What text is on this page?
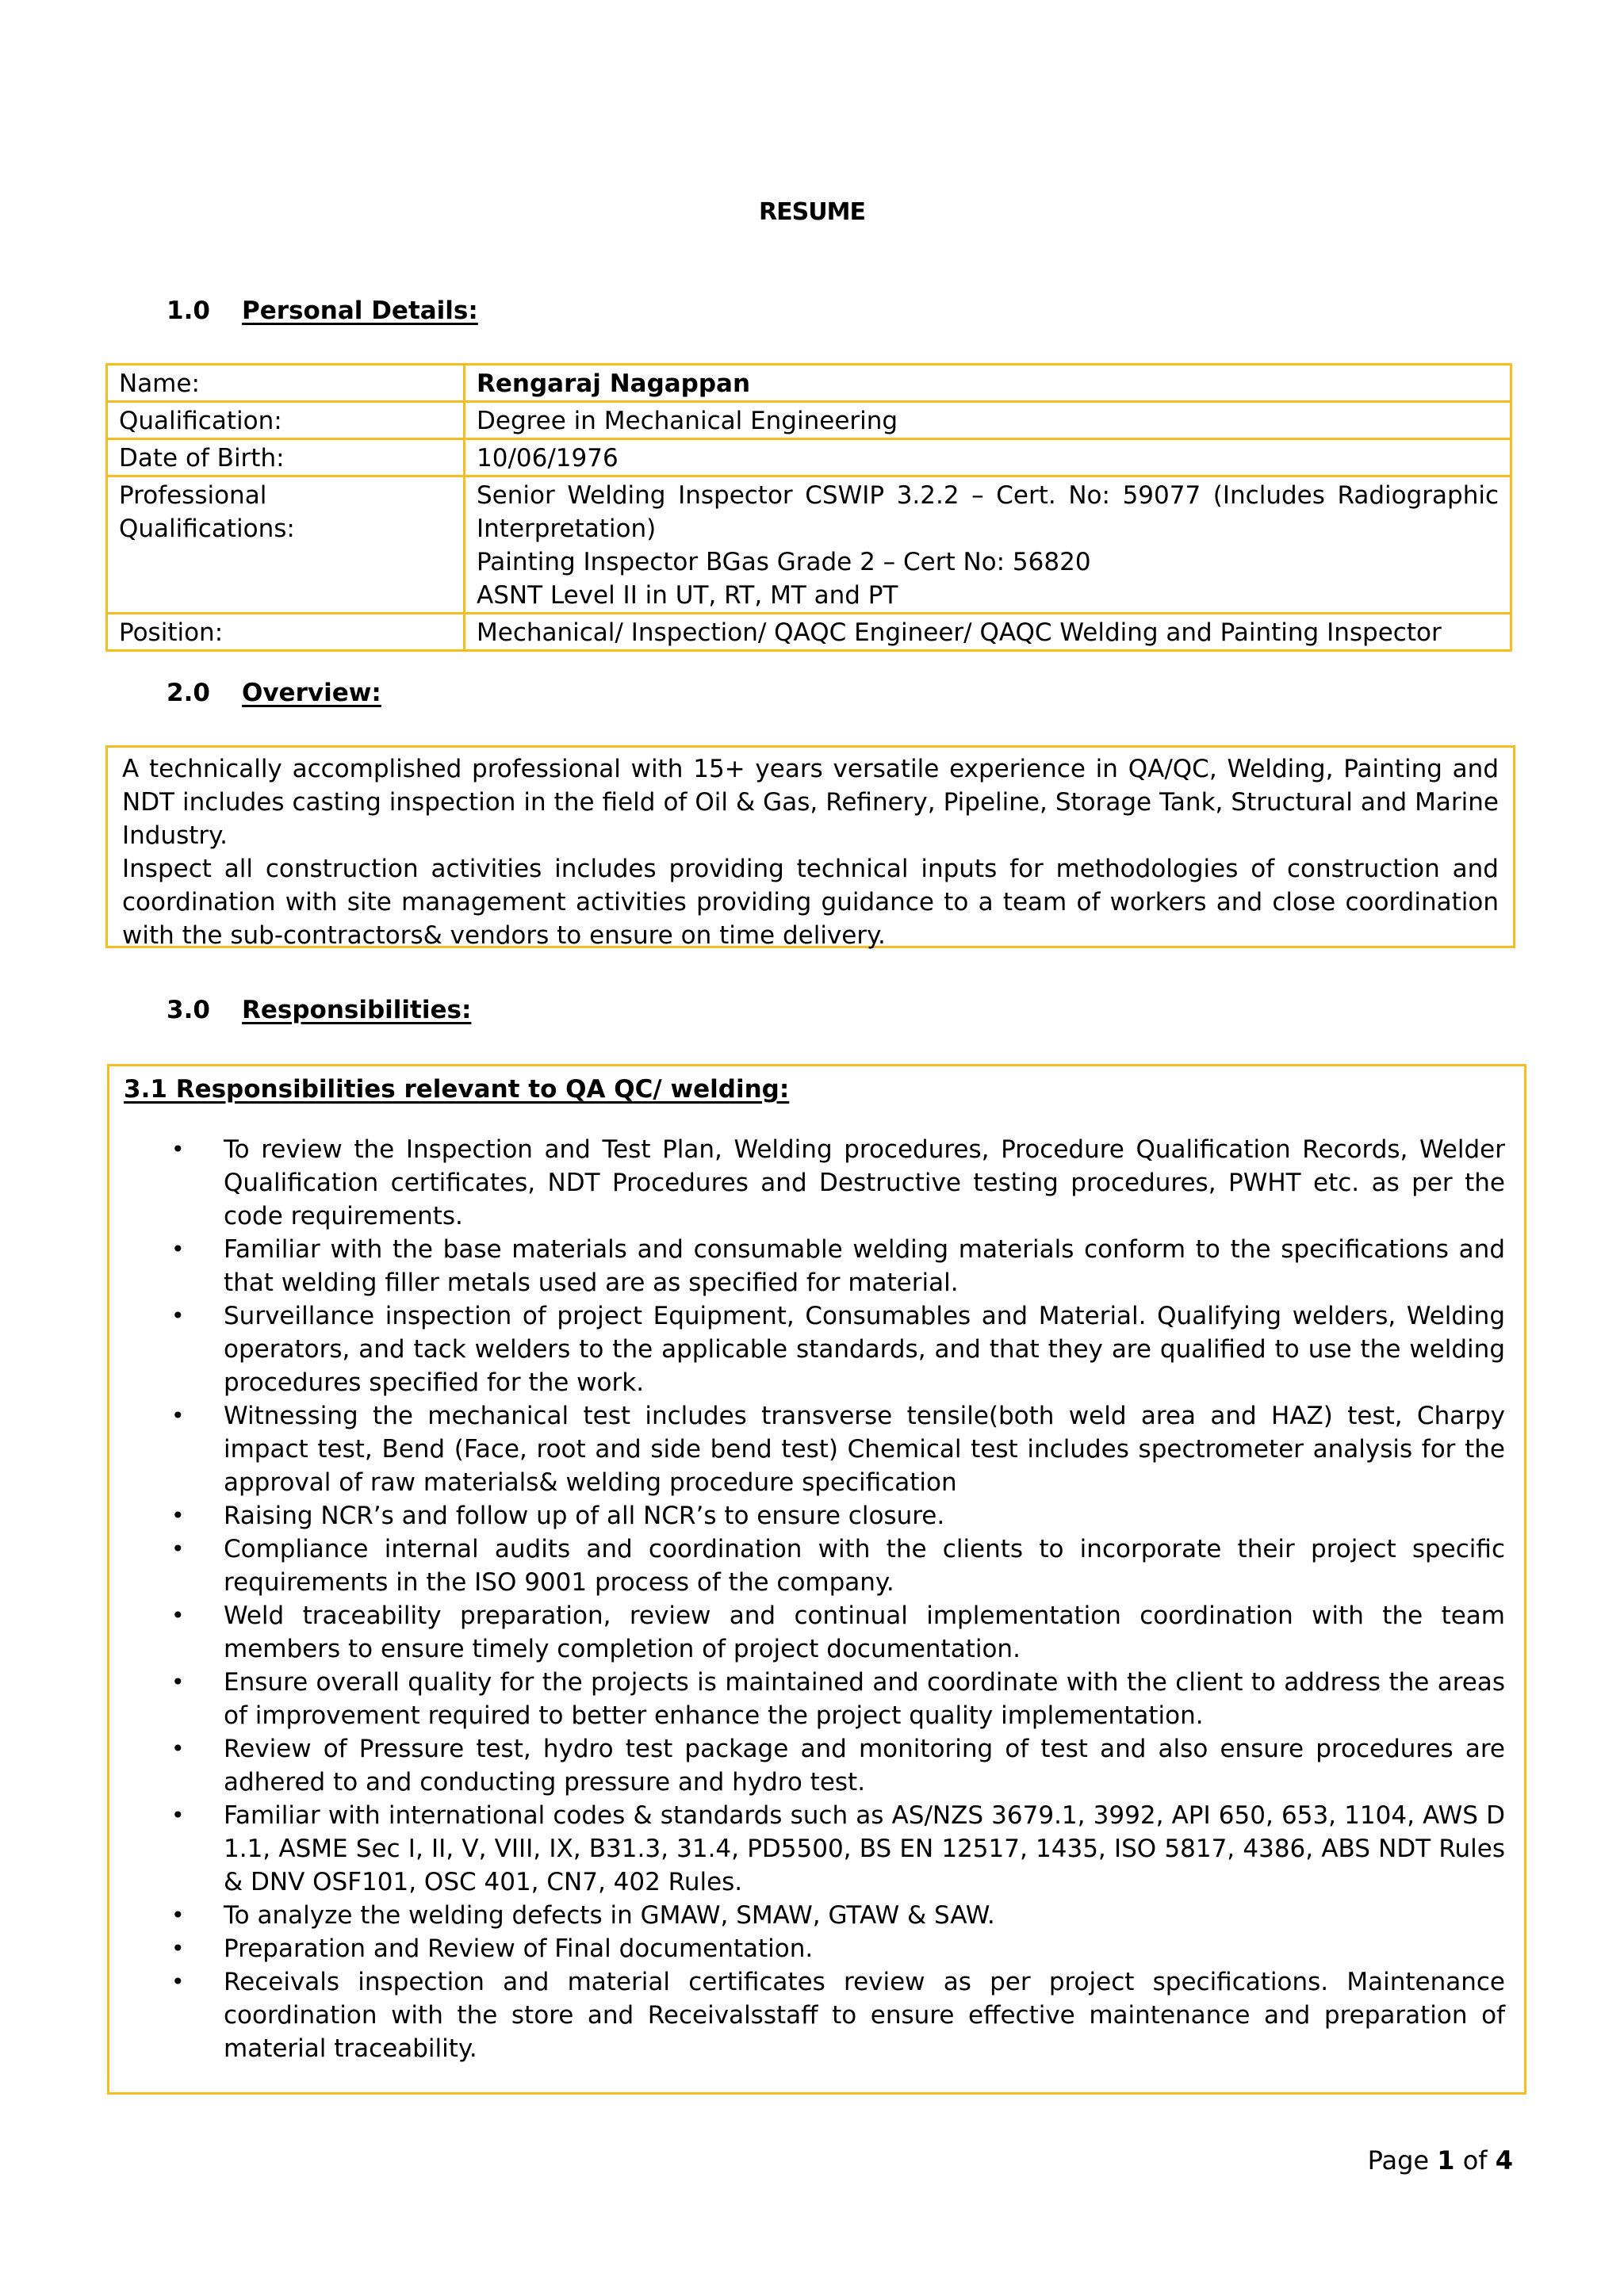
RESUME
1.0 Personal Details:
Name:	Rengaraj Nagappan
Qualification:	Degree in Mechanical Engineering
Date of Birth:	10/06/1976

Professional Qualifications:	Senior Welding Inspector CSWIP 3.2.2 – Cert. No: 59077 (Includes Radiographic Interpretation)
Painting Inspector BGas Grade 2 – Cert No: 56820
ASNT Level II in UT, RT, MT and PT

Position:	Mechanical/ Inspection/ QAQC Engineer/ QAQC Welding and Painting Inspector
2.0 Overview:

A technically accomplished professional with 15+ years versatile experience in QA/QC, Welding, Painting and NDT includes casting inspection in the field of Oil & Gas, Refinery, Pipeline, Storage Tank, Structural and Marine Industry.

Inspect all construction activities includes providing technical inputs for methodologies of construction and coordination with site management activities providing guidance to a team of workers and close coordination with the sub-contractors& vendors to ensure on time delivery.

3.0 Responsibilities:
3.1 Responsibilities relevant to QA QC/ welding:
• To review the Inspection and Test Plan, Welding procedures, Procedure Qualification Records, Welder Qualification certificates, NDT Procedures and Destructive testing procedures, PWHT etc. as per the code requirements.
• Familiar with the base materials and consumable welding materials conform to the specifications and that welding filler metals used are as specified for material.
• Surveillance inspection of project Equipment, Consumables and Material. Qualifying welders, Welding operators, and tack welders to the applicable standards, and that they are qualified to use the welding procedures specified for the work.
• Witnessing the mechanical test includes transverse tensile(both weld area and HAZ) test, Charpy impact test, Bend (Face, root and side bend test) Chemical test includes spectrometer analysis for the approval of raw materials& welding procedure specification
• Raising NCR’s and follow up of all NCR’s to ensure closure.
• Compliance internal audits and coordination with the clients to incorporate their project specific requirements in the ISO 9001 process of the company.
• Weld traceability preparation, review and continual implementation coordination with the team members to ensure timely completion of project documentation.
• Ensure overall quality for the projects is maintained and coordinate with the client to address the areas of improvement required to better enhance the project quality implementation.
• Review of Pressure test, hydro test package and monitoring of test and also ensure procedures are adhered to and conducting pressure and hydro test.
• Familiar with international codes & standards such as AS/NZS 3679.1, 3992, API 650, 653, 1104, AWS D 1.1, ASME Sec I, II, V, VIII, IX, B31.3, 31.4, PD5500, BS EN 12517, 1435, ISO 5817, 4386, ABS NDT Rules & DNV OSF101, OSC 401, CN7, 402 Rules.
• To analyze the welding defects in GMAW, SMAW, GTAW & SAW.
• Preparation and Review of Final documentation.
• Receivals inspection and material certificates review as per project specifications. Maintenance coordination with the store and Receivalsstaff to ensure effective maintenance and preparation of material traceability.
Page 1 of 4
